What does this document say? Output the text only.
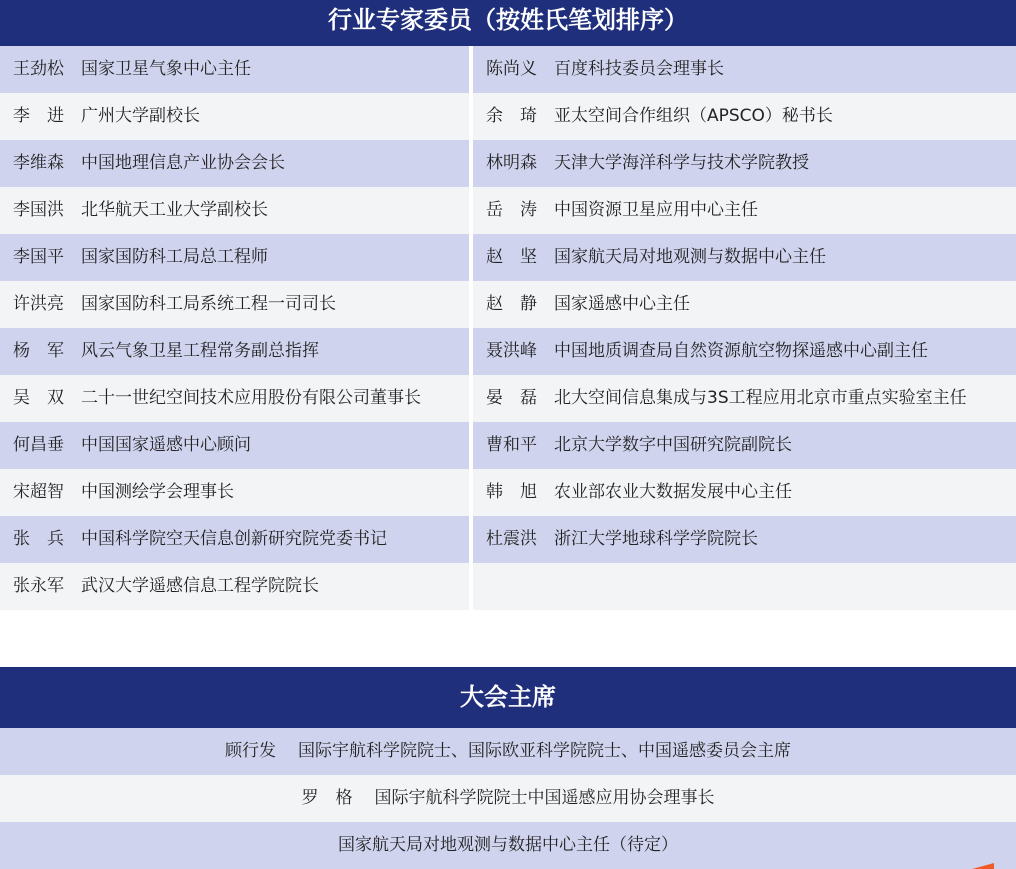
行业专家委员（按姓氏笔划排序）
王劲松 国家卫星气象中心主任	陈尚义 百度科技委员会理事长
李　进 广州大学副校长	余　琦 亚太空间合作组织（APSCO）秘书长
李维森 中国地理信息产业协会会长	林明森 天津大学海洋科学与技术学院教授
李国洪 北华航天工业大学副校长	岳　涛 中国资源卫星应用中心主任
李国平 国家国防科工局总工程师	赵　坚 国家航天局对地观测与数据中心主任
许洪亮 国家国防科工局系统工程一司司长	赵　静 国家遥感中心主任
杨　军 风云气象卫星工程常务副总指挥	聂洪峰 中国地质调查局自然资源航空物探遥感中心副主任
吴　双 二十一世纪空间技术应用股份有限公司董事长	晏　磊 北大空间信息集成与3S工程应用北京市重点实验室主任
何昌垂 中国国家遥感中心顾问	曹和平 北京大学数字中国研究院副院长
宋超智 中国测绘学会理事长	韩　旭 农业部农业大数据发展中心主任
张　兵 中国科学院空天信息创新研究院党委书记	杜震洪 浙江大学地球科学学院院长
张永军 武汉大学遥感信息工程学院院长
大会主席
顾行发 国际宇航科学院院士、国际欧亚科学院院士、中国遥感委员会主席
罗　格 国际宇航科学院院士中国遥感应用协会理事长
国家航天局对地观测与数据中心主任（待定）
